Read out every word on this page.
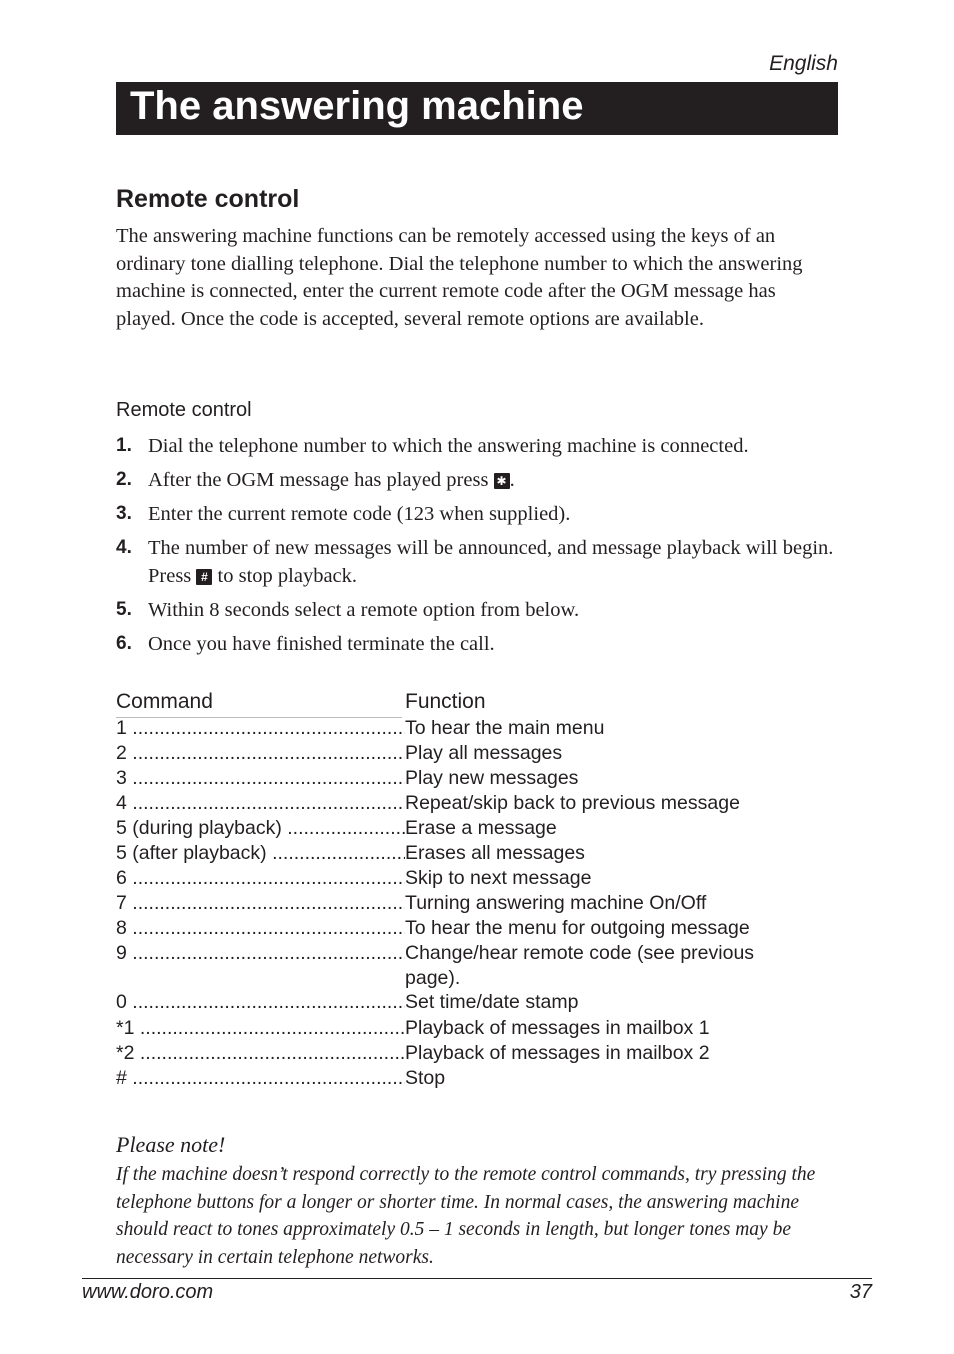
English
The answering machine
Remote control

The answering machine functions can be remotely accessed using the keys of an ordinary tone dialling telephone. Dial the telephone number to which the answering machine is connected, enter the current remote code after the OGM message has played. Once the code is accepted, several remote options are available.

Remote control
1. Dial the telephone number to which the answering machine is connected.
2. After the OGM message has played press ✱ .
3. Enter the current remote code (123 when supplied).
4. The number of new messages will be announced, and message playback will begin. Press # to stop playback.
5. Within 8 seconds select a remote option from below.
6. Once you have finished terminate the call.
Command	Function
1 .....	To hear the main menu
2 .....	Play all messages
3 .....	Play new messages
4 .....	Repeat/skip back to previous message
5 (during playback) .....	Erase a message
5 (after playback) .....	Erases all messages
6 .....	Skip to next message
7 .....	Turning answering machine On/Off
8 .....	To hear the menu for outgoing message
9 .....	Change/hear remote code (see previous page).
0 .....	Set time/date stamp
*1 .....	Playback of messages in mailbox 1
*2 .....	Playback of messages in mailbox 2
# .....	Stop
Please note!

If the machine doesn’t respond correctly to the remote control commands, try pressing the telephone buttons for a longer or shorter time. In normal cases, the answering machine should react to tones approximately 0.5 – 1 seconds in length, but longer tones may be necessary in certain telephone networks.

www.doro.com	37
